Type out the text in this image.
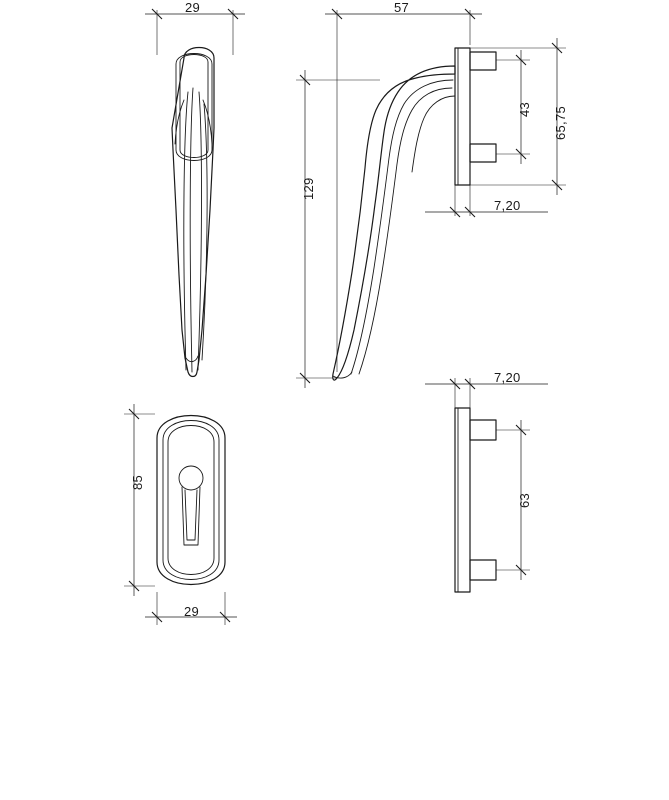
29	57
129
43 65,75
7,20
85
29
7,20
63
